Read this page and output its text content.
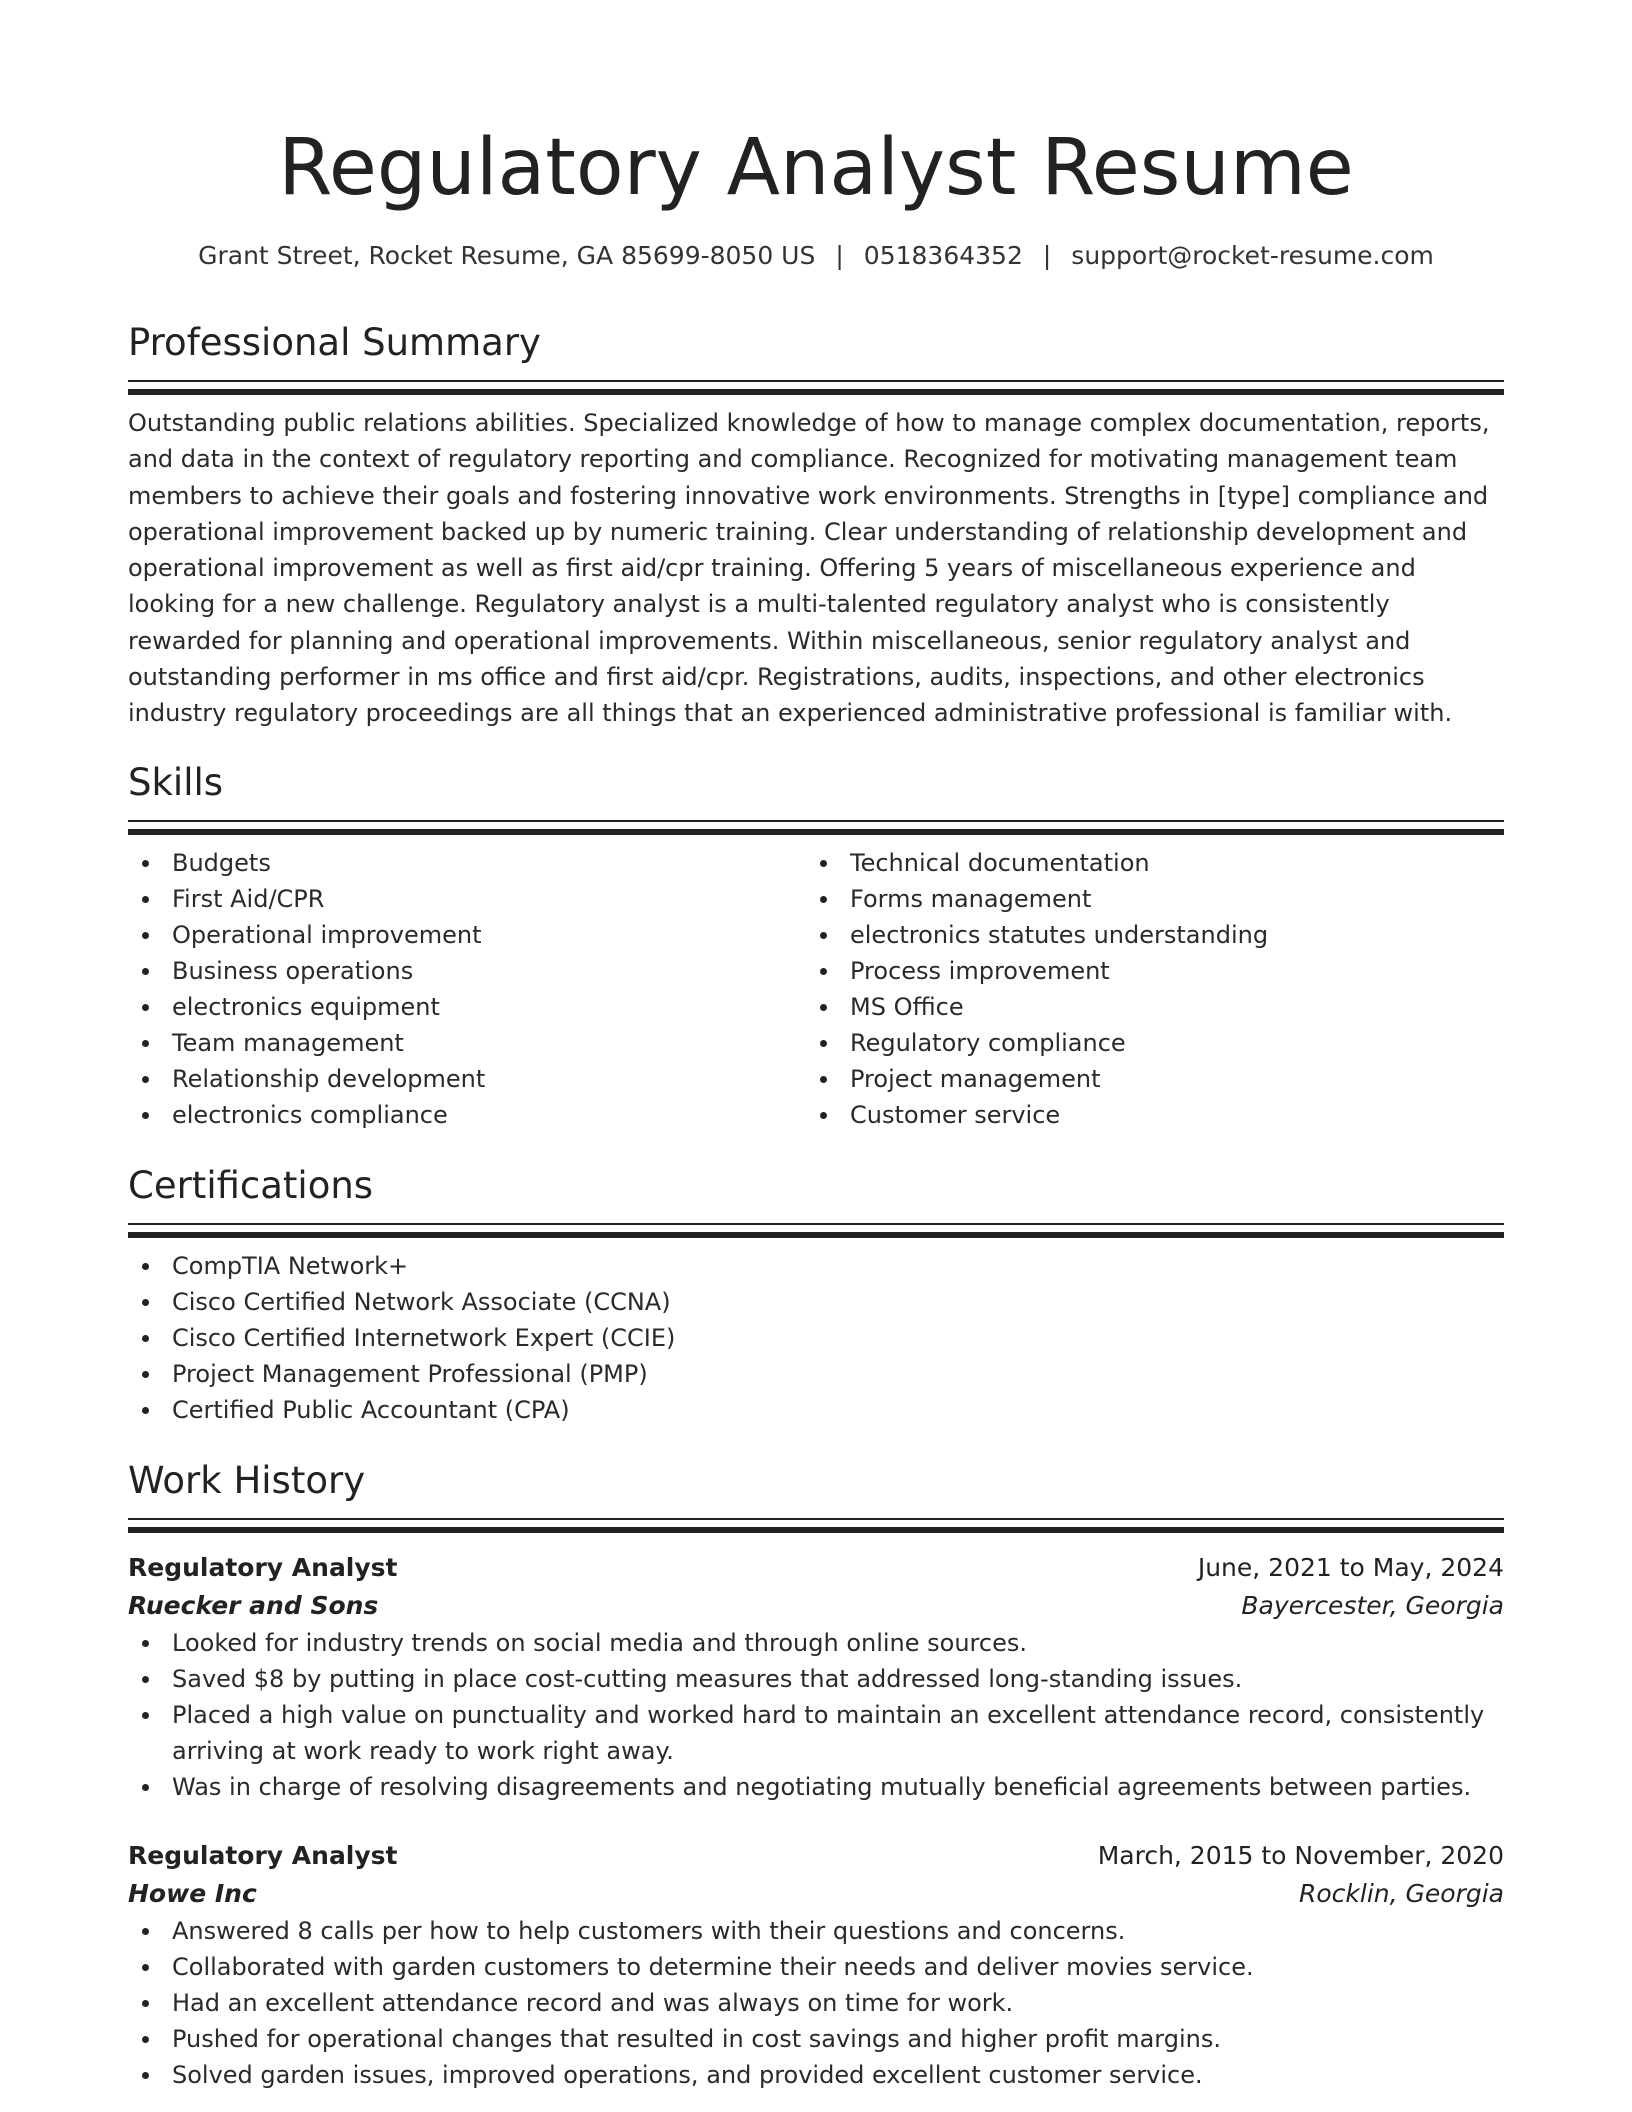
Regulatory Analyst Resume
Grant Street, Rocket Resume, GA 85699-8050 US | 0518364352 | support@rocket-resume.com
Professional Summary
Outstanding public relations abilities. Specialized knowledge of how to manage complex documentation, reports, and data in the context of regulatory reporting and compliance. Recognized for motivating management team members to achieve their goals and fostering innovative work environments. Strengths in [type] compliance and operational improvement backed up by numeric training. Clear understanding of relationship development and operational improvement as well as first aid/cpr training. Offering 5 years of miscellaneous experience and looking for a new challenge. Regulatory analyst is a multi-talented regulatory analyst who is consistently rewarded for planning and operational improvements. Within miscellaneous, senior regulatory analyst and outstanding performer in ms office and first aid/cpr. Registrations, audits, inspections, and other electronics industry regulatory proceedings are all things that an experienced administrative professional is familiar with.
Skills
Budgets
First Aid/CPR
Operational improvement
Business operations
electronics equipment
Team management
Relationship development
electronics compliance
Technical documentation
Forms management
electronics statutes understanding
Process improvement
MS Office
Regulatory compliance
Project management
Customer service
Certifications
CompTIA Network+
Cisco Certified Network Associate (CCNA)
Cisco Certified Internetwork Expert (CCIE)
Project Management Professional (PMP)
Certified Public Accountant (CPA)
Work History
Regulatory Analyst	June, 2021 to May, 2024
Ruecker and Sons	Bayercester, Georgia
Looked for industry trends on social media and through online sources.
Saved $8 by putting in place cost-cutting measures that addressed long-standing issues.
Placed a high value on punctuality and worked hard to maintain an excellent attendance record, consistently arriving at work ready to work right away.
Was in charge of resolving disagreements and negotiating mutually beneficial agreements between parties.
Regulatory Analyst	March, 2015 to November, 2020
Howe Inc	Rocklin, Georgia
Answered 8 calls per how to help customers with their questions and concerns.
Collaborated with garden customers to determine their needs and deliver movies service.
Had an excellent attendance record and was always on time for work.
Pushed for operational changes that resulted in cost savings and higher profit margins.
Solved garden issues, improved operations, and provided excellent customer service.
